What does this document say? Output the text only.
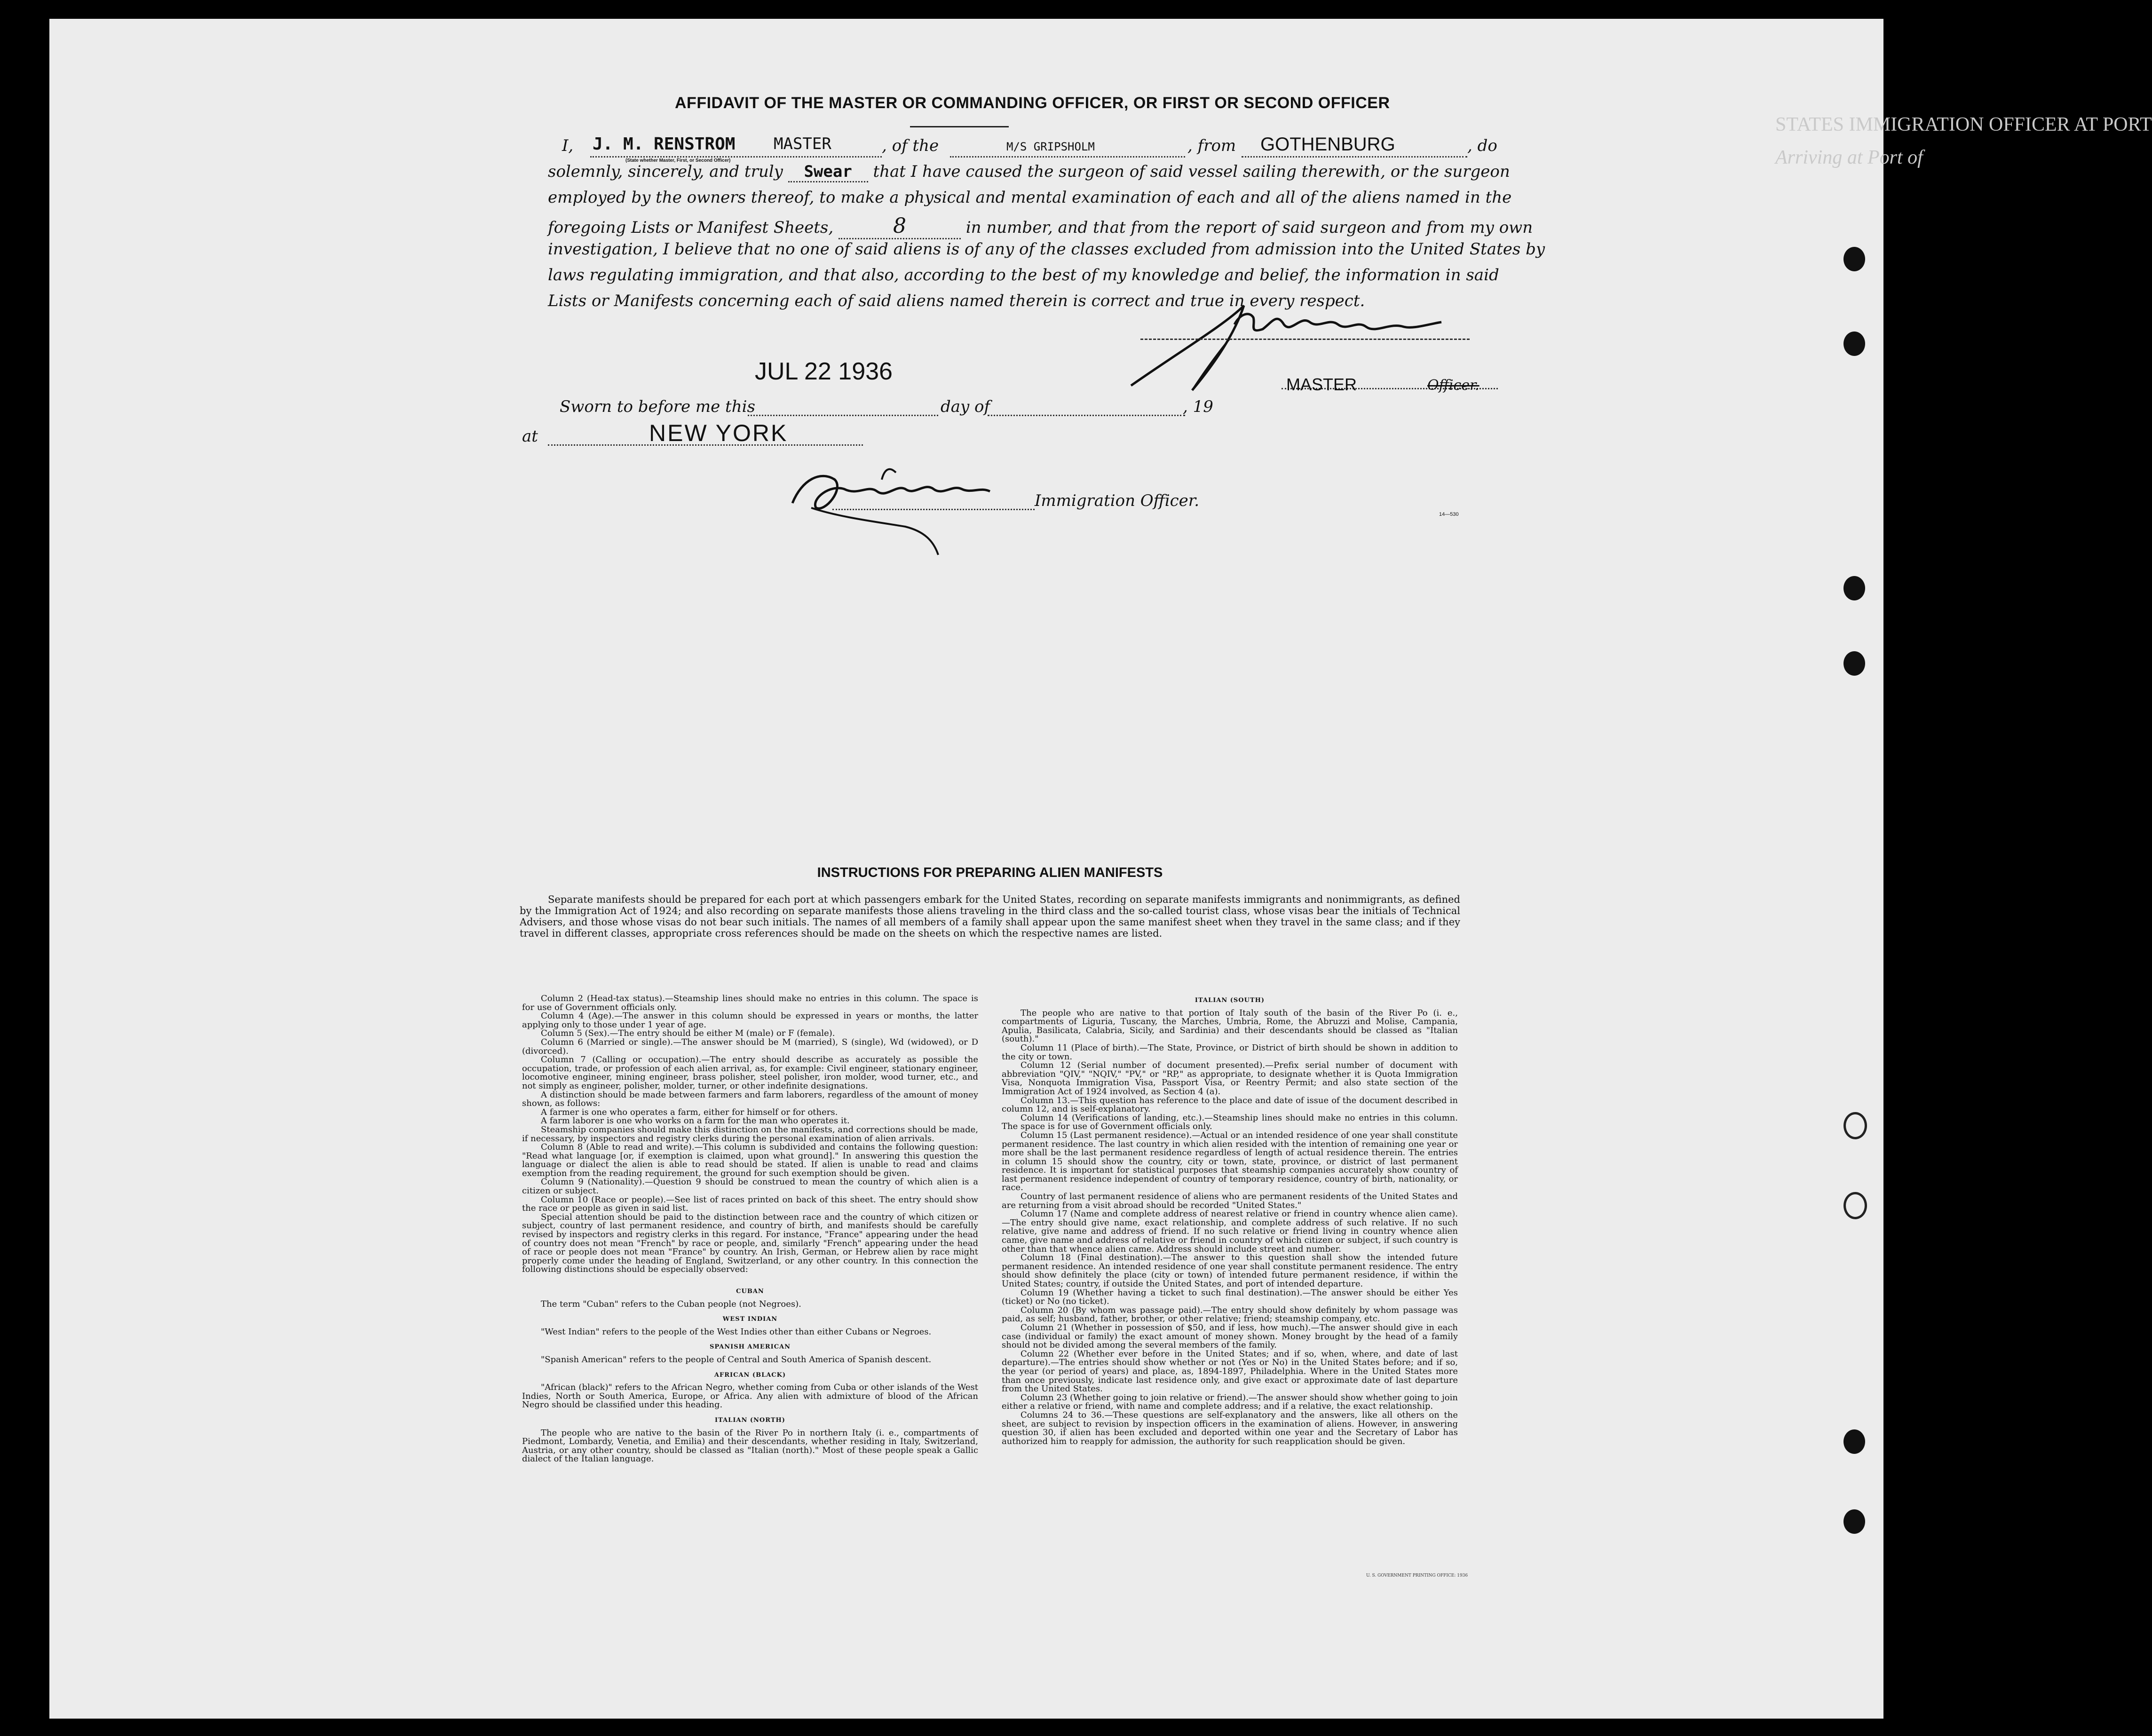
STATES IMMIGRATION OFFICER AT PORT
Arriving at Port of
AFFIDAVIT OF THE MASTER OR COMMANDING OFFICER, OR FIRST OR SECOND OFFICER
I, J. M. RENSTROM MASTER
(State whether Master, First, or Second Officer)
, of the	M/S GRIPSHOLM	, from GOTHENBURG	, do
solemnly, sincerely, and truly Swear that I have caused the surgeon of said vessel sailing therewith, or the surgeon
employed by the owners thereof, to make a physical and mental examination of each and all of the aliens named in the
foregoing Lists or Manifest Sheets,	8	in number, and that from the report of said surgeon and from my own
investigation, I believe that no one of said aliens is of any of the classes excluded from admission into the United States by
laws regulating immigration, and that also, according to the best of my knowledge and belief, the information in said
Lists or Manifests concerning each of said aliens named therein is correct and true in every respect.
MASTER	Officer.
JUL 22 1936
Sworn to before me this	day of	, 19
at	NEW YORK
Immigration Officer.
14—530
INSTRUCTIONS FOR PREPARING ALIEN MANIFESTS
Separate manifests should be prepared for each port at which passengers embark for the United States, recording on separate manifests immigrants and nonimmigrants, as defined by the Immigration Act of 1924; and also recording on separate manifests those aliens traveling in the third class and the so-called tourist class, whose visas bear the initials of Technical Advisers, and those whose visas do not bear such initials. The names of all members of a family shall appear upon the same manifest sheet when they travel in the same class; and if they travel in different classes, appropriate cross references should be made on the sheets on which the respective names are listed.

Column 2 (Head-tax status).—Steamship lines should make no entries in this column. The space is for use of Government officials only.

Column 4 (Age).—The answer in this column should be expressed in years or months, the latter applying only to those under 1 year of age.

Column 5 (Sex).—The entry should be either M (male) or F (female).

Column 6 (Married or single).—The answer should be M (married), S (single), Wd (widowed), or D (divorced).

Column 7 (Calling or occupation).—The entry should describe as accurately as possible the occupation, trade, or profession of each alien arrival, as, for example: Civil engineer, stationary engineer, locomotive engineer, mining engineer, brass polisher, steel polisher, iron molder, wood turner, etc., and not simply as engineer, polisher, molder, turner, or other indefinite designations.

A distinction should be made between farmers and farm laborers, regardless of the amount of money shown, as follows:

A farmer is one who operates a farm, either for himself or for others.

A farm laborer is one who works on a farm for the man who operates it.

Steamship companies should make this distinction on the manifests, and corrections should be made, if necessary, by inspectors and registry clerks during the personal examination of alien arrivals.

Column 8 (Able to read and write).—This column is subdivided and contains the following question: "Read what language [or, if exemption is claimed, upon what ground]." In answering this question the language or dialect the alien is able to read should be stated. If alien is unable to read and claims exemption from the reading requirement, the ground for such exemption should be given.

Column 9 (Nationality).—Question 9 should be construed to mean the country of which alien is a citizen or subject.

Column 10 (Race or people).—See list of races printed on back of this sheet. The entry should show the race or people as given in said list.

Special attention should be paid to the distinction between race and the country of which citizen or subject, country of last permanent residence, and country of birth, and manifests should be carefully revised by inspectors and registry clerks in this regard. For instance, "France" appearing under the head of country does not mean "French" by race or people, and, similarly "French" appearing under the head of race or people does not mean "France" by country. An Irish, German, or Hebrew alien by race might properly come under the heading of England, Switzerland, or any other country. In this connection the following distinctions should be especially observed:

CUBAN

The term "Cuban" refers to the Cuban people (not Negroes).

WEST INDIAN

"West Indian" refers to the people of the West Indies other than either Cubans or Negroes.

SPANISH AMERICAN

"Spanish American" refers to the people of Central and South America of Spanish descent.

AFRICAN (BLACK)

"African (black)" refers to the African Negro, whether coming from Cuba or other islands of the West Indies, North or South America, Europe, or Africa. Any alien with admixture of blood of the African Negro should be classified under this heading.

ITALIAN (NORTH)

The people who are native to the basin of the River Po in northern Italy (i. e., compartments of Piedmont, Lombardy, Venetia, and Emilia) and their descendants, whether residing in Italy, Switzerland, Austria, or any other country, should be classed as "Italian (north)." Most of these people speak a Gallic dialect of the Italian language.

ITALIAN (SOUTH)

The people who are native to that portion of Italy south of the basin of the River Po (i. e., compartments of Liguria, Tuscany, the Marches, Umbria, Rome, the Abruzzi and Molise, Campania, Apulia, Basilicata, Calabria, Sicily, and Sardinia) and their descendants should be classed as "Italian (south)."

Column 11 (Place of birth).—The State, Province, or District of birth should be shown in addition to the city or town.

Column 12 (Serial number of document presented).—Prefix serial number of document with abbreviation "QIV," "NQIV," "PV," or "RP," as appropriate, to designate whether it is Quota Immigration Visa, Nonquota Immigration Visa, Passport Visa, or Reentry Permit; and also state section of the Immigration Act of 1924 involved, as Section 4 (a).

Column 13.—This question has reference to the place and date of issue of the document described in column 12, and is self-explanatory.

Column 14 (Verifications of landing, etc.).—Steamship lines should make no entries in this column. The space is for use of Government officials only.

Column 15 (Last permanent residence).—Actual or an intended residence of one year shall constitute permanent residence. The last country in which alien resided with the intention of remaining one year or more shall be the last permanent residence regardless of length of actual residence therein. The entries in column 15 should show the country, city or town, state, province, or district of last permanent residence. It is important for statistical purposes that steamship companies accurately show country of last permanent residence independent of country of temporary residence, country of birth, nationality, or race.

Country of last permanent residence of aliens who are permanent residents of the United States and are returning from a visit abroad should be recorded "United States."

Column 17 (Name and complete address of nearest relative or friend in country whence alien came).—The entry should give name, exact relationship, and complete address of such relative. If no such relative, give name and address of friend. If no such relative or friend living in country whence alien came, give name and address of relative or friend in country of which citizen or subject, if such country is other than that whence alien came. Address should include street and number.

Column 18 (Final destination).—The answer to this question shall show the intended future permanent residence. An intended residence of one year shall constitute permanent residence. The entry should show definitely the place (city or town) of intended future permanent residence, if within the United States; country, if outside the United States, and port of intended departure.

Column 19 (Whether having a ticket to such final destination).—The answer should be either Yes (ticket) or No (no ticket).

Column 20 (By whom was passage paid).—The entry should show definitely by whom passage was paid, as self; husband, father, brother, or other relative; friend; steamship company, etc.

Column 21 (Whether in possession of $50, and if less, how much).—The answer should give in each case (individual or family) the exact amount of money shown. Money brought by the head of a family should not be divided among the several members of the family.

Column 22 (Whether ever before in the United States; and if so, when, where, and date of last departure).—The entries should show whether or not (Yes or No) in the United States before; and if so, the year (or period of years) and place, as, 1894-1897, Philadelphia. Where in the United States more than once previously, indicate last residence only, and give exact or approximate date of last departure from the United States.

Column 23 (Whether going to join relative or friend).—The answer should show whether going to join either a relative or friend, with name and complete address; and if a relative, the exact relationship.

Columns 24 to 36.—These questions are self-explanatory and the answers, like all others on the sheet, are subject to revision by inspection officers in the examination of aliens. However, in answering question 30, if alien has been excluded and deported within one year and the Secretary of Labor has authorized him to reapply for admission, the authority for such reapplication should be given.

U. S. GOVERNMENT PRINTING OFFICE: 1936
